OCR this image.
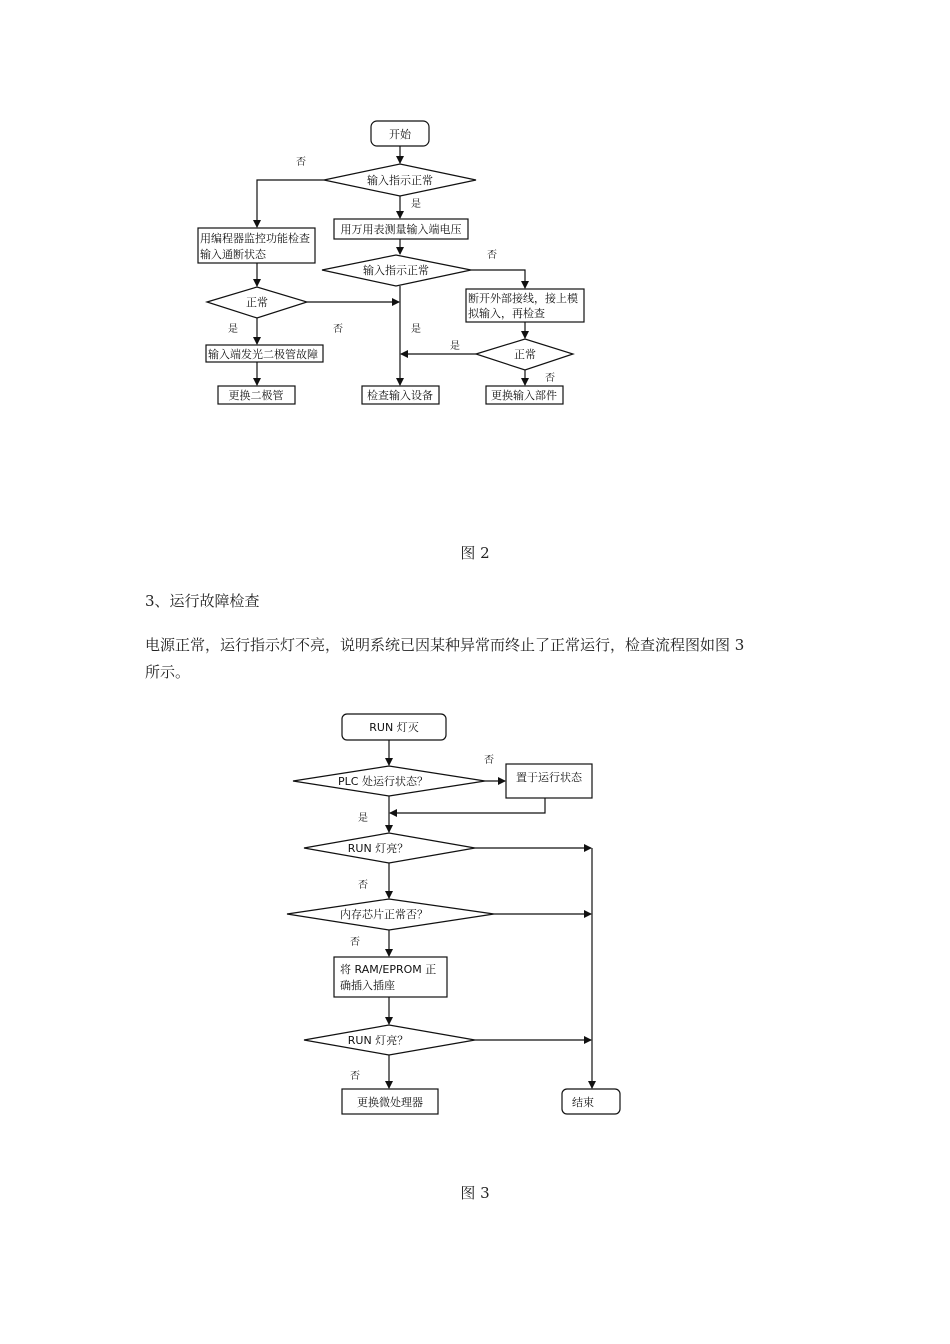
开始
输入指示正常
用编程器监控功能检查
输入通断状态
用万用表测量输入端电压
输入指示正常
断开外部接线，接上模
拟输入，再检查
正常
输入端发光二极管故障	正常
更换二极管	检查输入设备	更换输入部件
否
是
否
是
是	否
是
否
图 2
3、运行故障检查
电源正常，运行指示灯不亮，说明系统已因某种异常而终止了正常运行，检查流程图如图 3
所示。
RUN 灯灭
PLC 处运行状态？	置于运行状态
RUN 灯亮？
内存芯片正常否？
将 RAM/EPROM 正
确插入插座
RUN 灯亮？
更换微处理器	结束
否
是
否
否
否
图 3
